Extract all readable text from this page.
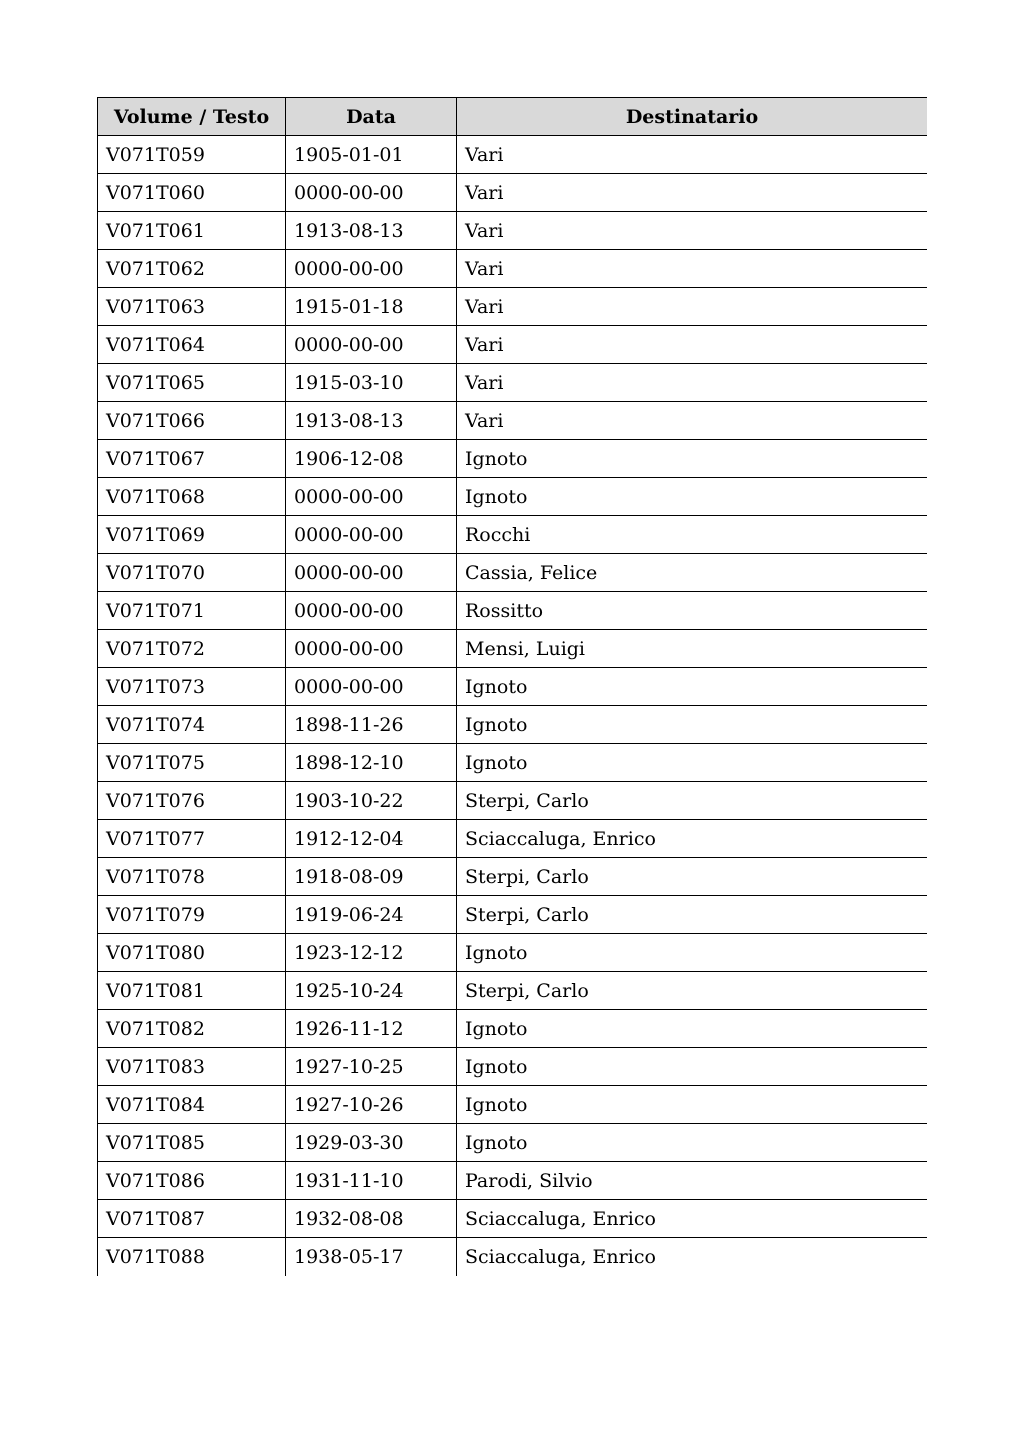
Volume / Testo	Data	Destinatario
V071T059	1905-01-01	Vari
V071T060	0000-00-00	Vari
V071T061	1913-08-13	Vari
V071T062	0000-00-00	Vari
V071T063	1915-01-18	Vari
V071T064	0000-00-00	Vari
V071T065	1915-03-10	Vari
V071T066	1913-08-13	Vari
V071T067	1906-12-08	Ignoto
V071T068	0000-00-00	Ignoto
V071T069	0000-00-00	Rocchi
V071T070	0000-00-00	Cassia, Felice
V071T071	0000-00-00	Rossitto
V071T072	0000-00-00	Mensi, Luigi
V071T073	0000-00-00	Ignoto
V071T074	1898-11-26	Ignoto
V071T075	1898-12-10	Ignoto
V071T076	1903-10-22	Sterpi, Carlo
V071T077	1912-12-04	Sciaccaluga, Enrico
V071T078	1918-08-09	Sterpi, Carlo
V071T079	1919-06-24	Sterpi, Carlo
V071T080	1923-12-12	Ignoto
V071T081	1925-10-24	Sterpi, Carlo
V071T082	1926-11-12	Ignoto
V071T083	1927-10-25	Ignoto
V071T084	1927-10-26	Ignoto
V071T085	1929-03-30	Ignoto
V071T086	1931-11-10	Parodi, Silvio
V071T087	1932-08-08	Sciaccaluga, Enrico
V071T088	1938-05-17	Sciaccaluga, Enrico
